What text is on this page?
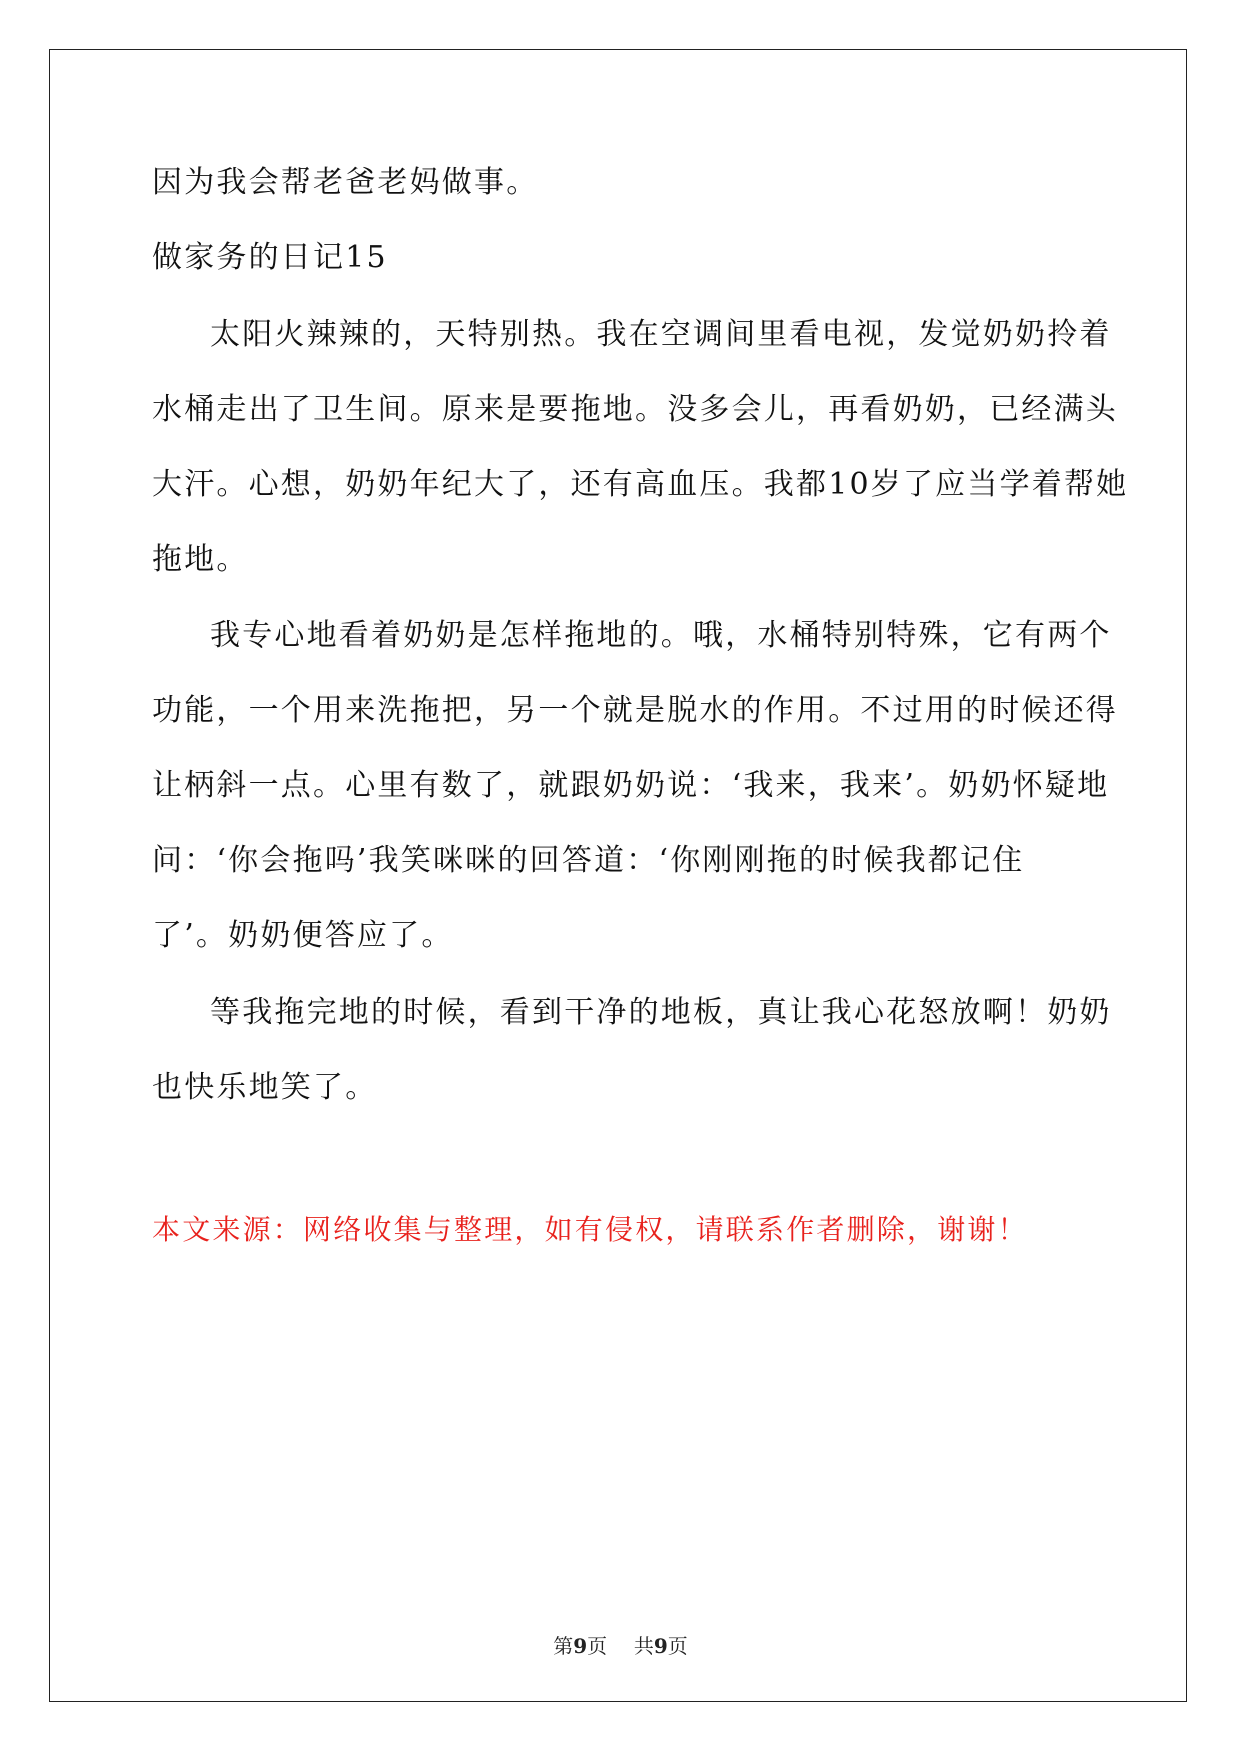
因为我会帮老爸老妈做事。
做家务的日记15
太阳火辣辣的，天特别热。我在空调间里看电视，发觉奶奶拎着
水桶走出了卫生间。原来是要拖地。没多会儿，再看奶奶，已经满头
大汗。心想，奶奶年纪大了，还有高血压。我都10岁了应当学着帮她
拖地。
我专心地看着奶奶是怎样拖地的。哦，水桶特别特殊，它有两个
功能，一个用来洗拖把，另一个就是脱水的作用。不过用的时候还得
让柄斜一点。心里有数了，就跟奶奶说：‘我来，我来’。奶奶怀疑地
问：‘你会拖吗’我笑咪咪的回答道：‘你刚刚拖的时候我都记住
了’。奶奶便答应了。
等我拖完地的时候，看到干净的地板，真让我心花怒放啊！奶奶
也快乐地笑了。
本文来源：网络收集与整理，如有侵权，请联系作者删除，谢谢！
第9页 共9页
